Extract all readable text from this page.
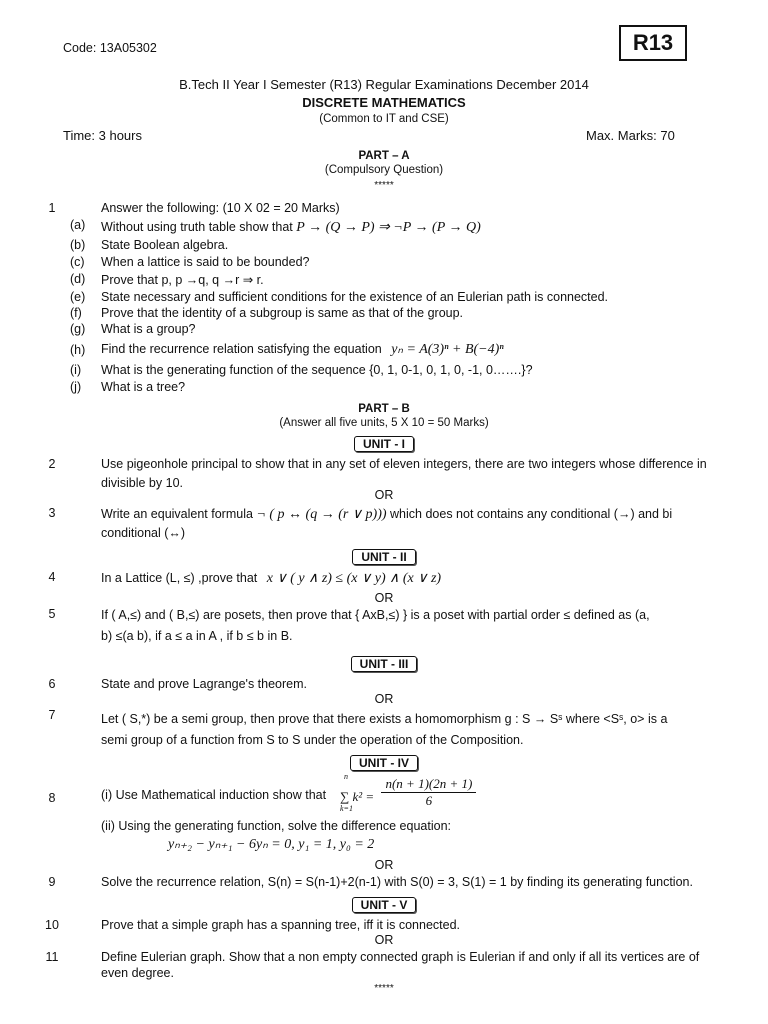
Code: 13A05302	R13
B.Tech II Year I Semester (R13) Regular Examinations December 2014
DISCRETE MATHEMATICS
(Common to IT and CSE)
Time: 3 hours	Max. Marks: 70
PART – A
(Compulsory Question)
*****
1	Answer the following: (10 X 02 = 20 Marks)
(a) Without using truth table show that P → (Q → P) ⇒ ¬P → (P → Q)
(b) State Boolean algebra.
(c) When a lattice is said to be bounded?
(d) Prove that p, p →q, q →r ⇒ r.
(e) State necessary and sufficient conditions for the existence of an Eulerian path is connected.
(f) Prove that the identity of a subgroup is same as that of the group.
(g) What is a group?
(h) Find the recurrence relation satisfying the equation yₙ = A(3)ⁿ + B(−4)ⁿ
(i) What is the generating function of the sequence {0, 1, 0-1, 0, 1, 0, -1, 0…….}?
(j) What is a tree?
PART – B
(Answer all five units, 5 X 10 = 50 Marks)
UNIT - I
2	Use pigeonhole principal to show that in any set of eleven integers, there are two integers whose difference in divisible by 10.
OR
3	Write an equivalent formula ¬ ( p ↔ (q → (r ∨ p))) which does not contains any conditional (→) and bi conditional (↔)
UNIT - II
4	In a Lattice (L, ≤) ,prove that x ∨ ( y ∧ z) ≤ (x ∨ y) ∧ (x ∨ z)
OR
5	If ( A,≤) and ( B,≤) are posets, then prove that { AxB,≤) } is a poset with partial order ≤ defined as (a,
b) ≤(a b), if a ≤ a in A , if b ≤ b in B.
UNIT - III
6	State and prove Lagrange's theorem.
OR
7	Let ( S,*) be a semi group, then prove that there exists a homomorphism g : S → Sˢ where <Sˢ, o> is a
semi group of a function from S to S under the operation of the Composition.
UNIT - IV
8	(i) Use Mathematical induction show that
n
k=1
∑ $k^2 = \frac{n(n + 1)(2n + 1)}{6}$
(ii) Using the generating function, solve the difference equation:
yₙ₊₂ − yₙ₊₁ − 6yₙ = 0, y₁ = 1, y₀ = 2
OR
9	Solve the recurrence relation, S(n) = S(n-1)+2(n-1) with S(0) = 3, S(1) = 1 by finding its generating function.
UNIT - V
10	Prove that a simple graph has a spanning tree, iff it is connected.
OR
11	Define Eulerian graph. Show that a non empty connected graph is Eulerian if and only if all its vertices are of
even degree.
*****
